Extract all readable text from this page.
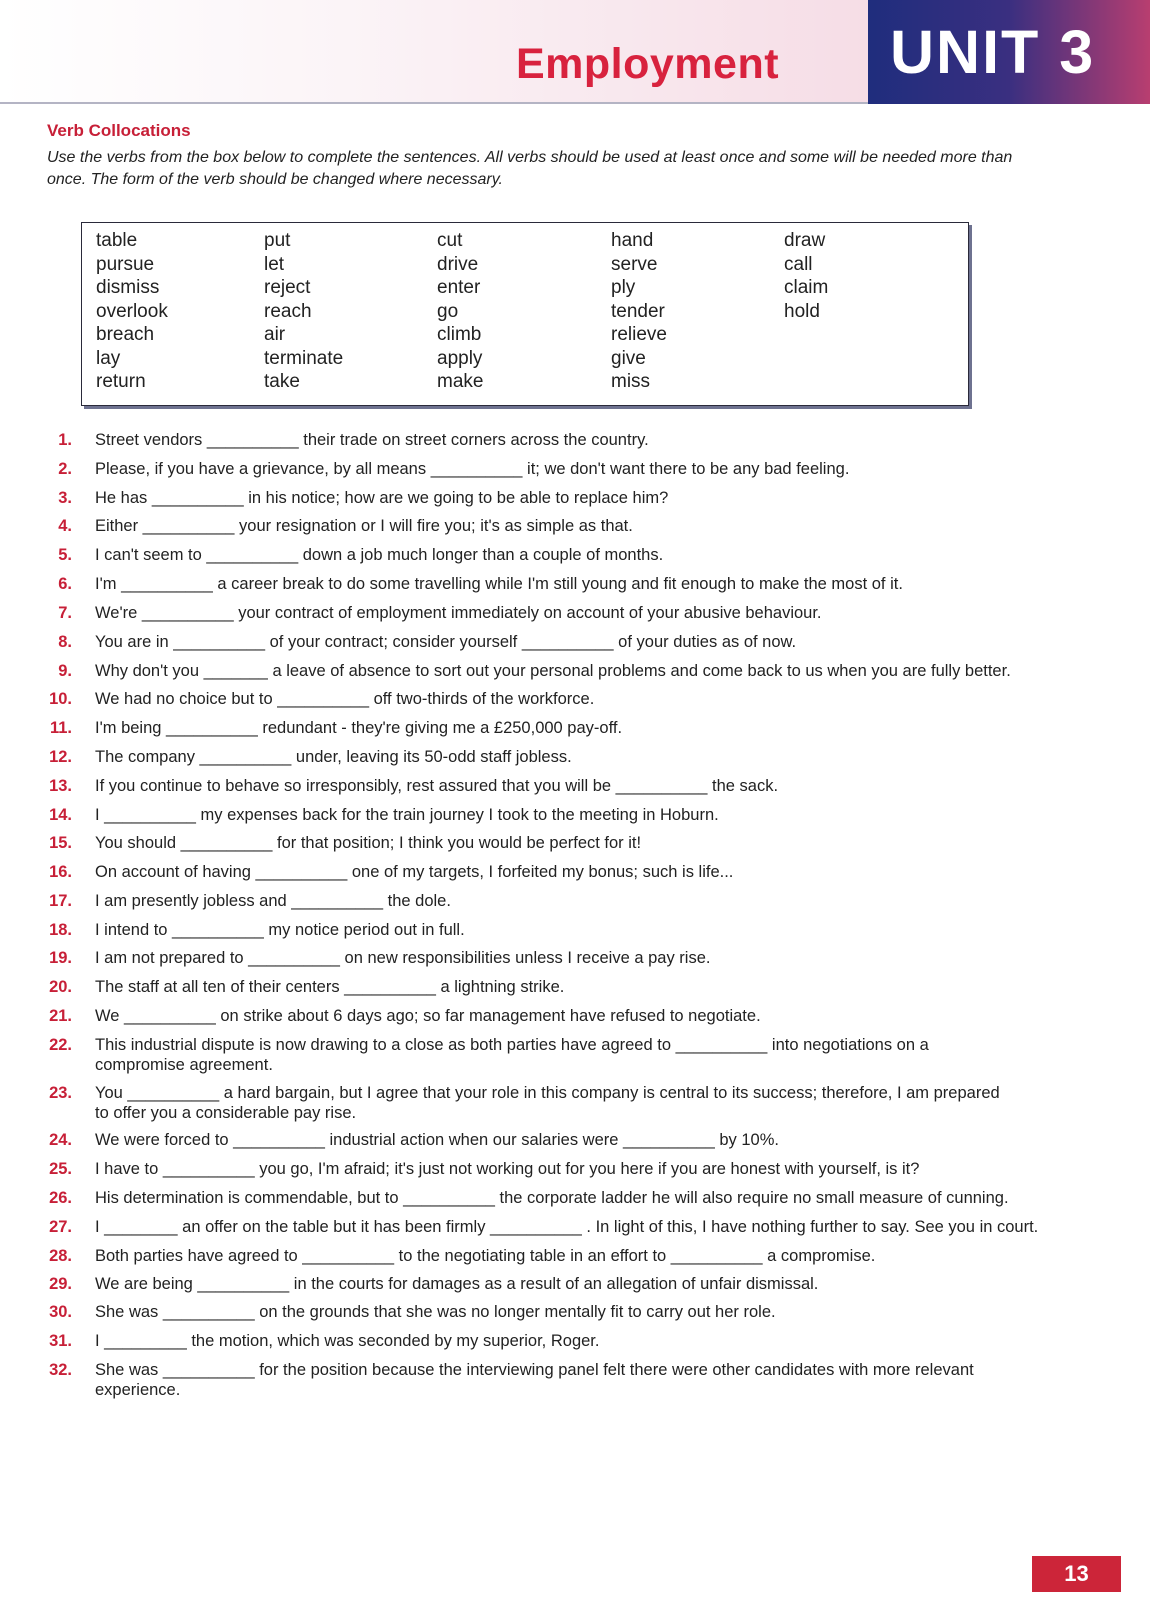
Employment	UNIT 3
Verb Collocations
Use the verbs from the box below to complete the sentences. All verbs should be used at least once and some will be needed more than
once. The form of the verb should be changed where necessary.
table
pursue
dismiss
overlook
breach
lay
return
put
let
reject
reach
air
terminate
take
cut
drive
enter
go
climb
apply
make
hand
serve
ply
tender
relieve
give
miss
draw
call
claim
hold
1. Street vendors __________ their trade on street corners across the country.
2. Please, if you have a grievance, by all means __________ it; we don't want there to be any bad feeling.
3. He has __________ in his notice; how are we going to be able to replace him?
4. Either __________ your resignation or I will fire you; it's as simple as that.
5. I can't seem to __________ down a job much longer than a couple of months.
6. I'm __________ a career break to do some travelling while I'm still young and fit enough to make the most of it.
7. We're __________ your contract of employment immediately on account of your abusive behaviour.
8. You are in __________ of your contract; consider yourself __________ of your duties as of now.
9. Why don't you _______ a leave of absence to sort out your personal problems and come back to us when you are fully better.
10. We had no choice but to __________ off two-thirds of the workforce.
11. I'm being __________ redundant - they're giving me a £250,000 pay-off.
12. The company __________ under, leaving its 50-odd staff jobless.
13. If you continue to behave so irresponsibly, rest assured that you will be __________ the sack.
14. I __________ my expenses back for the train journey I took to the meeting in Hoburn.
15. You should __________ for that position; I think you would be perfect for it!
16. On account of having __________ one of my targets, I forfeited my bonus; such is life...
17. I am presently jobless and __________ the dole.
18. I intend to __________ my notice period out in full.
19. I am not prepared to __________ on new responsibilities unless I receive a pay rise.
20. The staff at all ten of their centers __________ a lightning strike.
21. We __________ on strike about 6 days ago; so far management have refused to negotiate.
22. This industrial dispute is now drawing to a close as both parties have agreed to __________ into negotiations on a
compromise agreement.
23. You __________ a hard bargain, but I agree that your role in this company is central to its success; therefore, I am prepared
to offer you a considerable pay rise.
24. We were forced to __________ industrial action when our salaries were __________ by 10%.
25. I have to __________ you go, I'm afraid; it's just not working out for you here if you are honest with yourself, is it?
26. His determination is commendable, but to __________ the corporate ladder he will also require no small measure of cunning.
27. I ________ an offer on the table but it has been firmly __________ . In light of this, I have nothing further to say. See you in court.
28. Both parties have agreed to __________ to the negotiating table in an effort to __________ a compromise.
29. We are being __________ in the courts for damages as a result of an allegation of unfair dismissal.
30. She was __________ on the grounds that she was no longer mentally fit to carry out her role.
31. I _________ the motion, which was seconded by my superior, Roger.
32. She was __________ for the position because the interviewing panel felt there were other candidates with more relevant
experience.
13
